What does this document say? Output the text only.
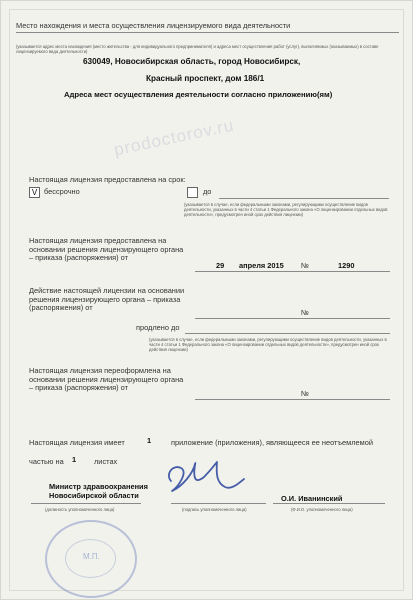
Место нахождения и места осуществления лицензируемого вида деятельности
(указывается адрес места нахождения (место жительства - для индивидуального предпринимателя) и адреса мест осуществления работ (услуг), выполняемых (оказываемых) в составе лицензируемого вида деятельности)
630049, Новосибирская область, город Новосибирск,
Красный проспект, дом 186/1
Адреса мест осуществления деятельности согласно приложению(ям)
prodoctorov.ru
Настоящая лицензия предоставлена на срок:
V бессрочно	до
(указывается в случае, если федеральными законами, регулирующими осуществление видов деятельности, указанных в части 4 статьи 1 Федерального закона «О лицензировании отдельных видов деятельности», предусмотрен иной срок действия лицензии)
Настоящая лицензия предоставлена на основании решения лицензирующего органа – приказа (распоряжения) от
29 апреля 2015 №	1290
Действие настоящей лицензии на основании решения лицензирующего органа – приказа (распоряжения) от
№
продлено до
(указывается в случае, если федеральными законами, регулирующими осуществление видов деятельности, указанных в части 4 статьи 1 Федерального закона «О лицензировании отдельных видов деятельности», предусмотрен иной срок действия лицензии)
Настоящая лицензия переоформлена на основании решения лицензирующего органа – приказа (распоряжения) от
№
Настоящая лицензия имеет	1	приложение (приложения), являющееся ее неотъемлемой
частью на 1 листах
Министр здравоохранения Новосибирской области
(должность уполномоченного лица)	(подпись уполномоченного лица)
О.И. Иванинский
(Ф.И.О. уполномоченного лица)
М.П.
